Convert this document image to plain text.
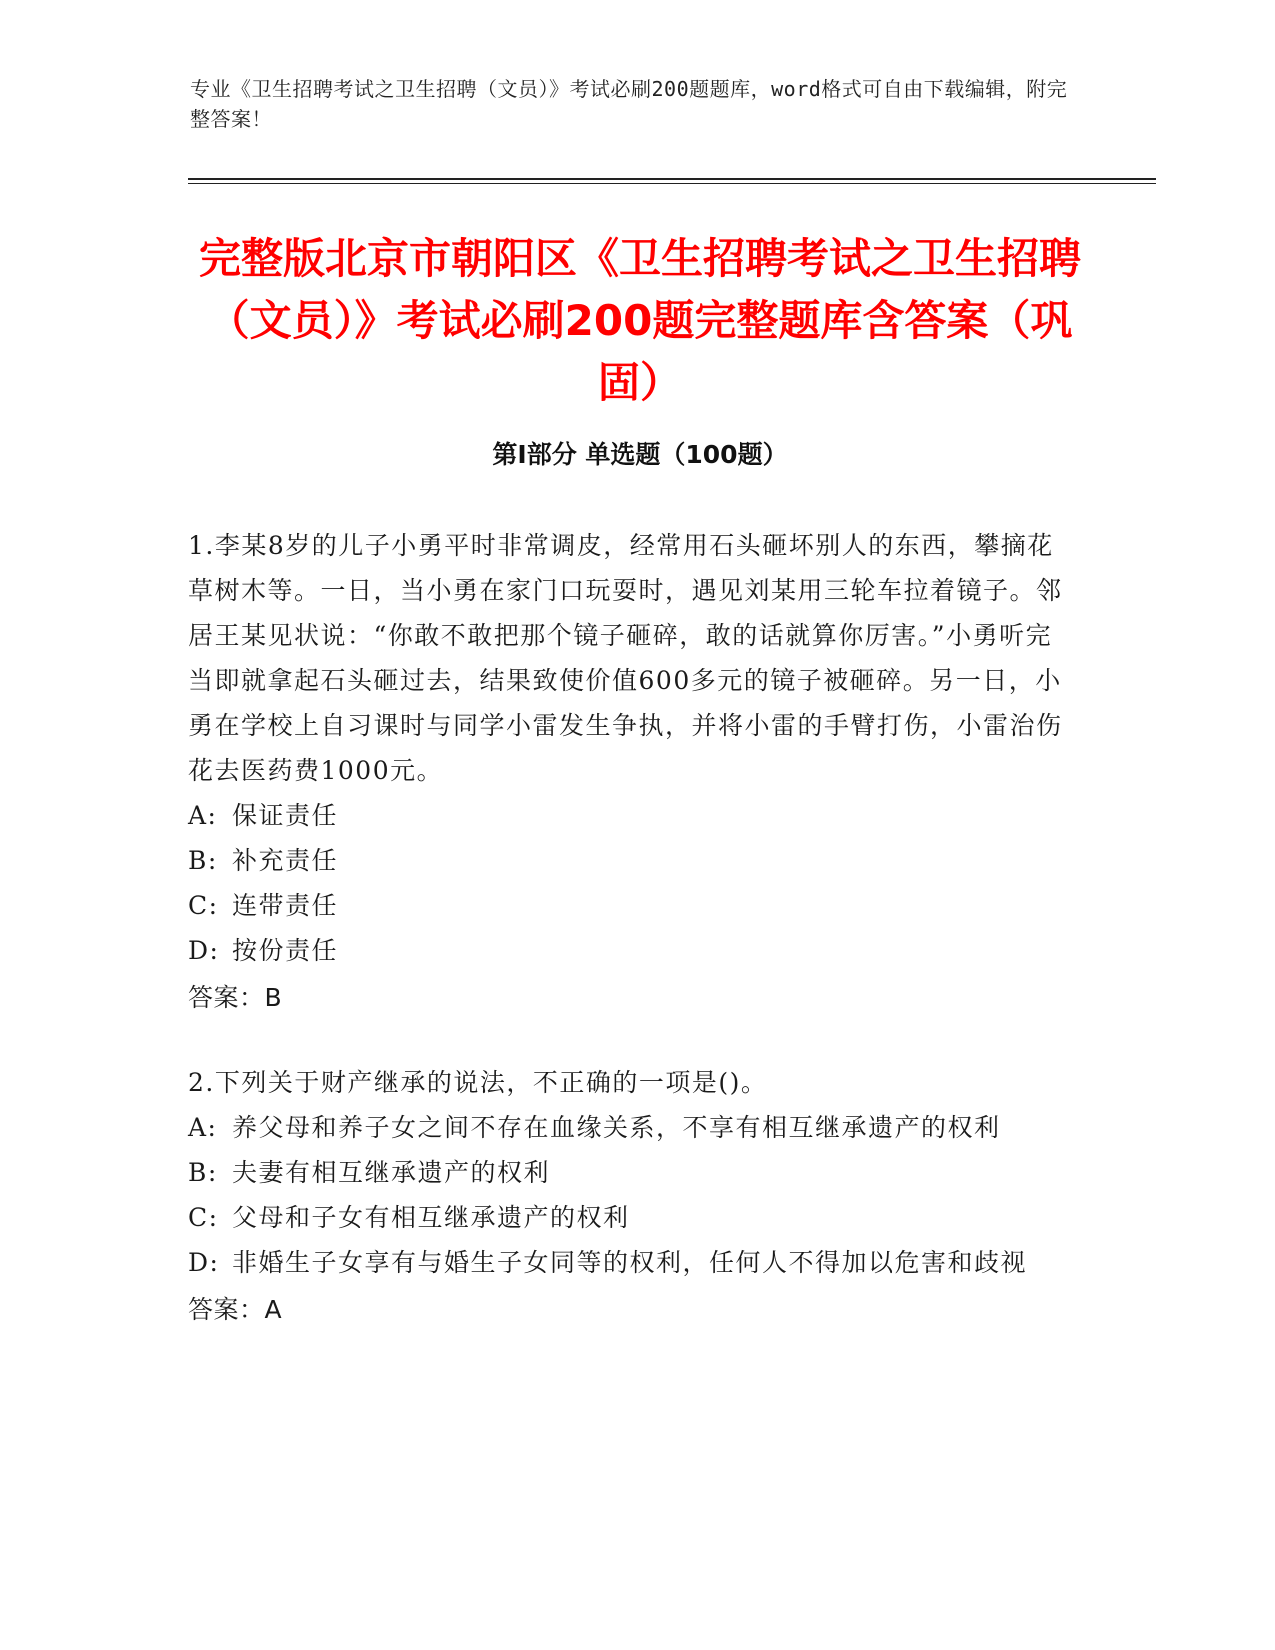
专业《卫生招聘考试之卫生招聘（文员）》考试必刷200题题库，word格式可自由下载编辑，附完整答案！
完整版北京市朝阳区《卫生招聘考试之卫生招聘（文员）》考试必刷200题完整题库含答案（巩固）
第Ⅰ部分 单选题（100题）
1.李某8岁的儿子小勇平时非常调皮，经常用石头砸坏别人的东西，攀摘花草树木等。一日，当小勇在家门口玩耍时，遇见刘某用三轮车拉着镜子。邻居王某见状说：“你敢不敢把那个镜子砸碎，敢的话就算你厉害。”小勇听完当即就拿起石头砸过去，结果致使价值600多元的镜子被砸碎。另一日，小勇在学校上自习课时与同学小雷发生争执，并将小雷的手臂打伤，小雷治伤花去医药费1000元。
A: 保证责任
B: 补充责任
C: 连带责任
D: 按份责任
答案：B
2.下列关于财产继承的说法，不正确的一项是()。
A: 养父母和养子女之间不存在血缘关系，不享有相互继承遗产的权利
B: 夫妻有相互继承遗产的权利
C: 父母和子女有相互继承遗产的权利
D: 非婚生子女享有与婚生子女同等的权利，任何人不得加以危害和歧视
答案：A
